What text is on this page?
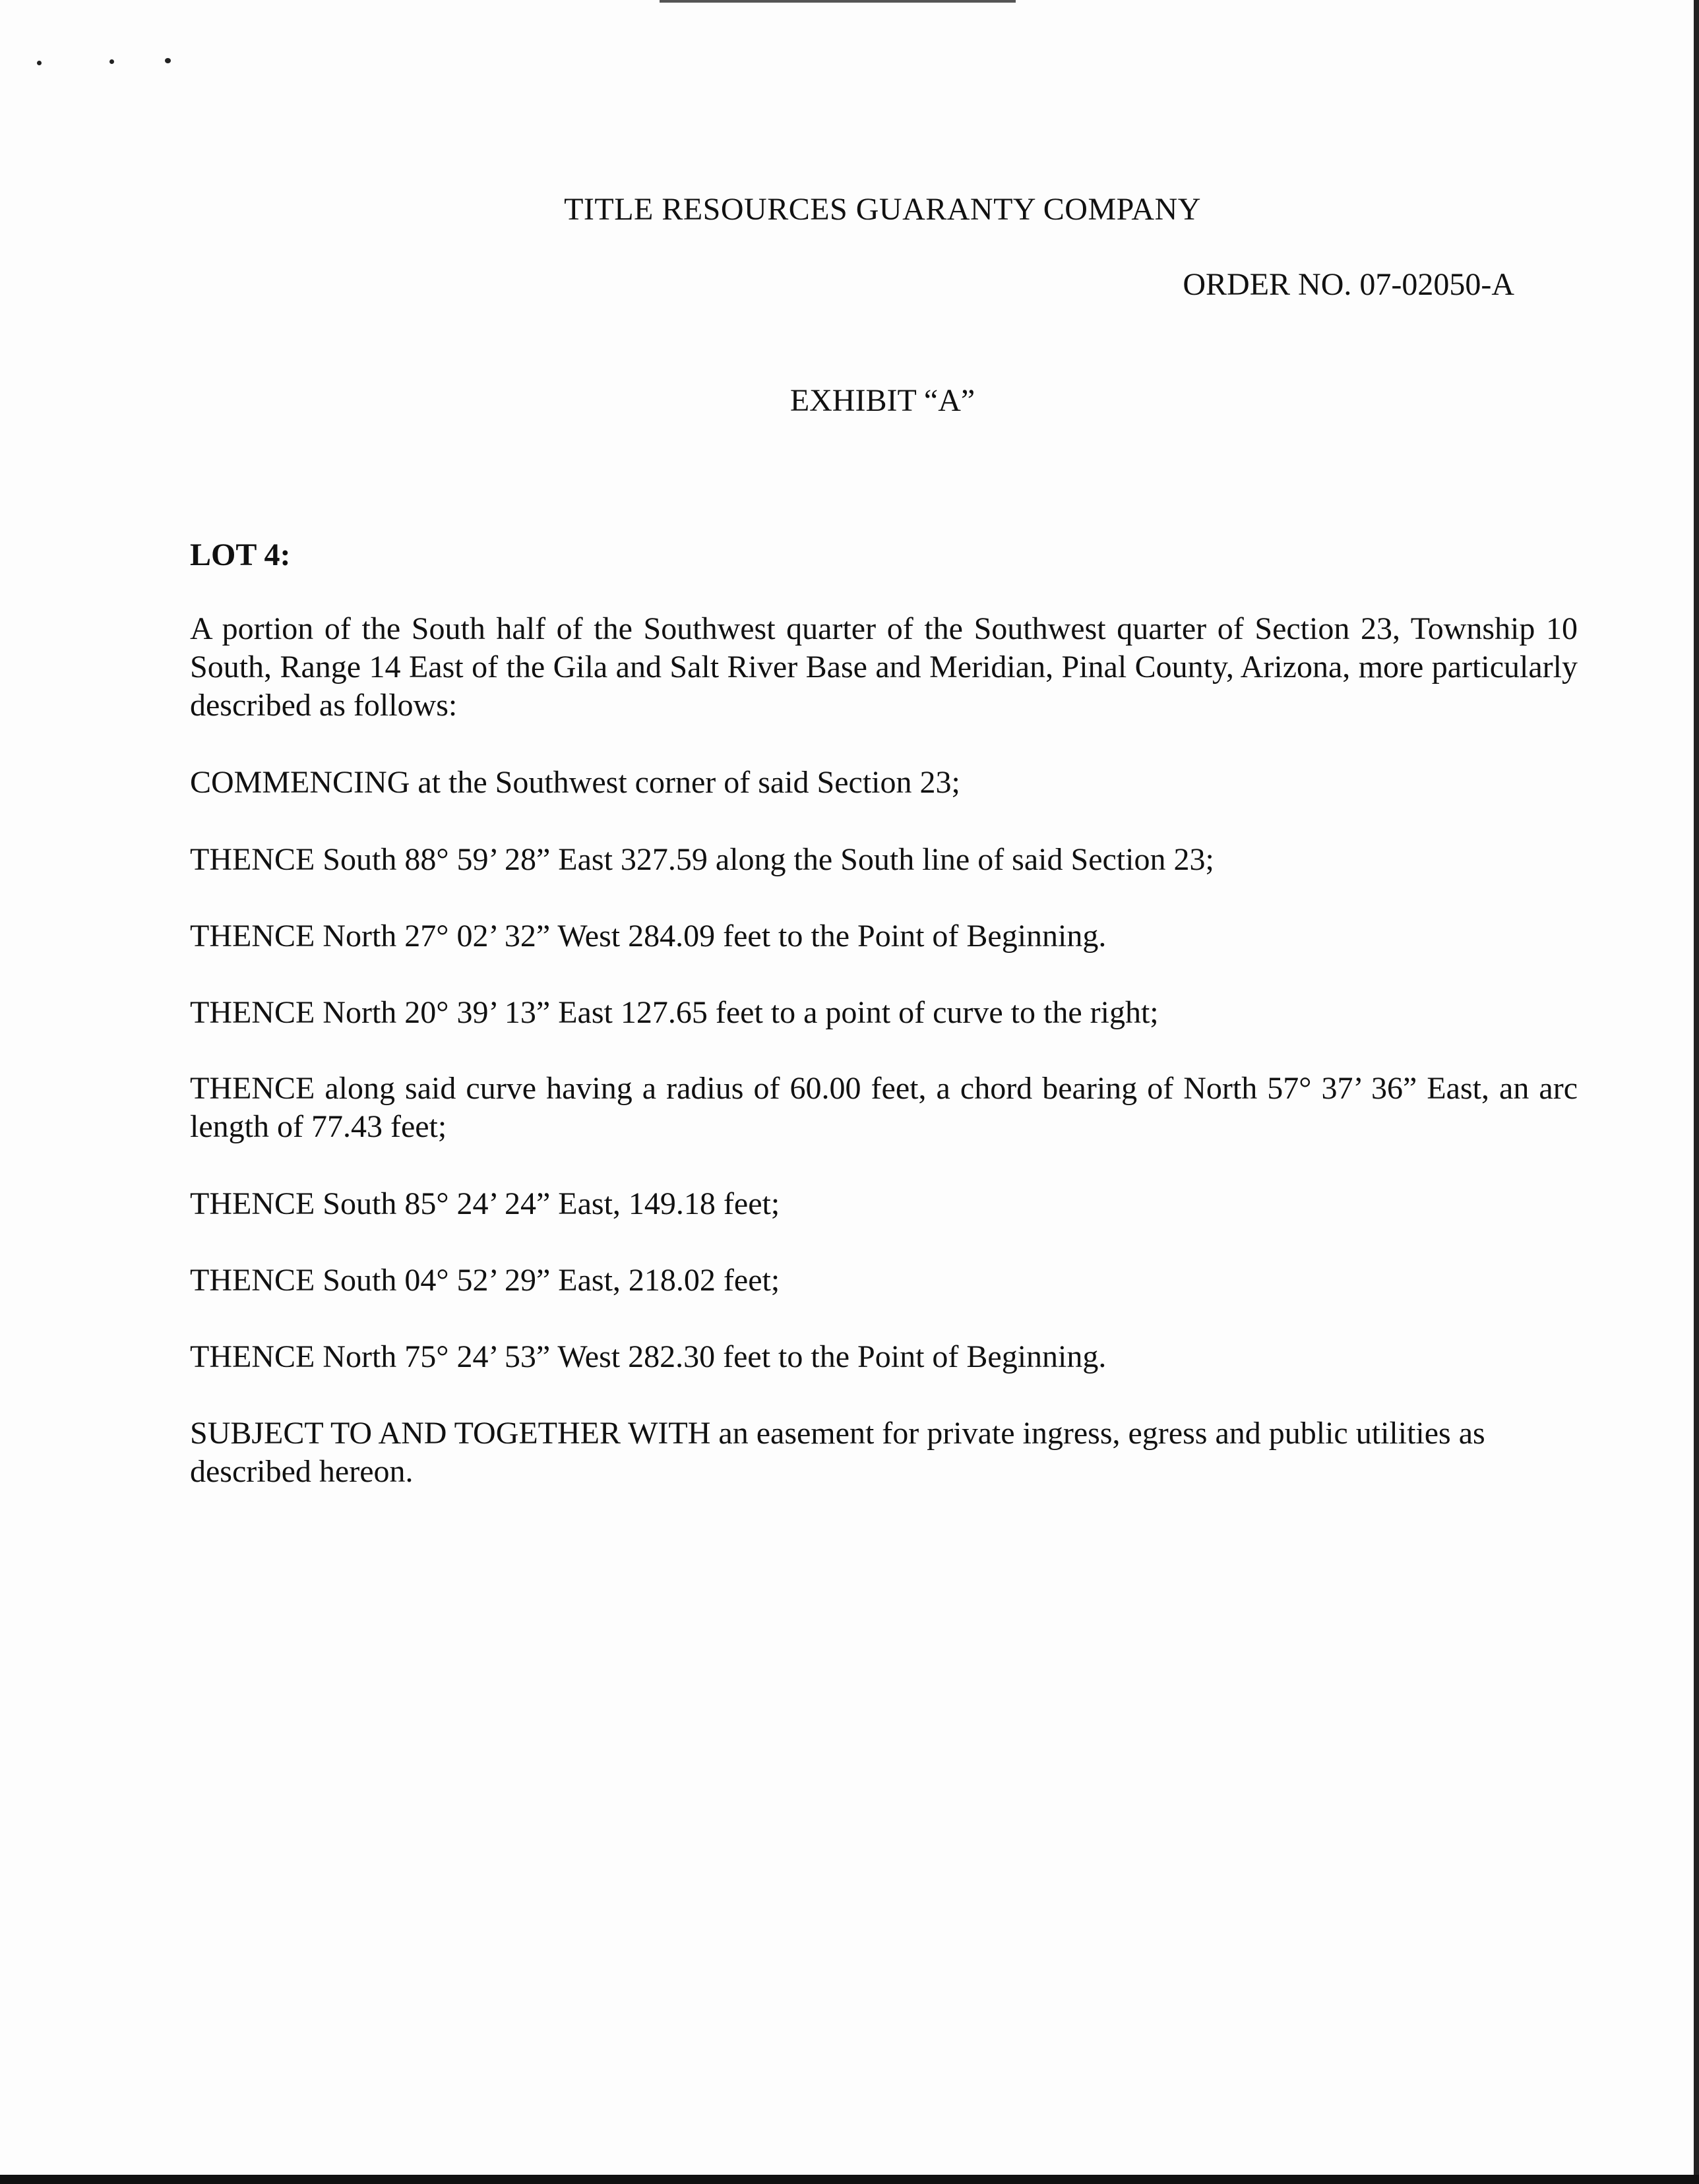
TITLE RESOURCES GUARANTY COMPANY
ORDER NO. 07-02050-A
EXHIBIT “A”
LOT 4:

A portion of the South half of the Southwest quarter of the Southwest quarter of Section 23, Township 10 South, Range 14 East of the Gila and Salt River Base and Meridian, Pinal County, Arizona, more particularly described as follows:

COMMENCING at the Southwest corner of said Section 23;

THENCE South 88° 59’ 28” East 327.59 along the South line of said Section 23;

THENCE North 27° 02’ 32” West 284.09 feet to the Point of Beginning.

THENCE North 20° 39’ 13” East 127.65 feet to a point of curve to the right;

THENCE along said curve having a radius of 60.00 feet, a chord bearing of North 57° 37’ 36” East, an arc length of 77.43 feet;

THENCE South 85° 24’ 24” East, 149.18 feet;

THENCE South 04° 52’ 29” East, 218.02 feet;

THENCE North 75° 24’ 53” West 282.30 feet to the Point of Beginning.

SUBJECT TO AND TOGETHER WITH an easement for private ingress, egress and public utilities as described hereon.
